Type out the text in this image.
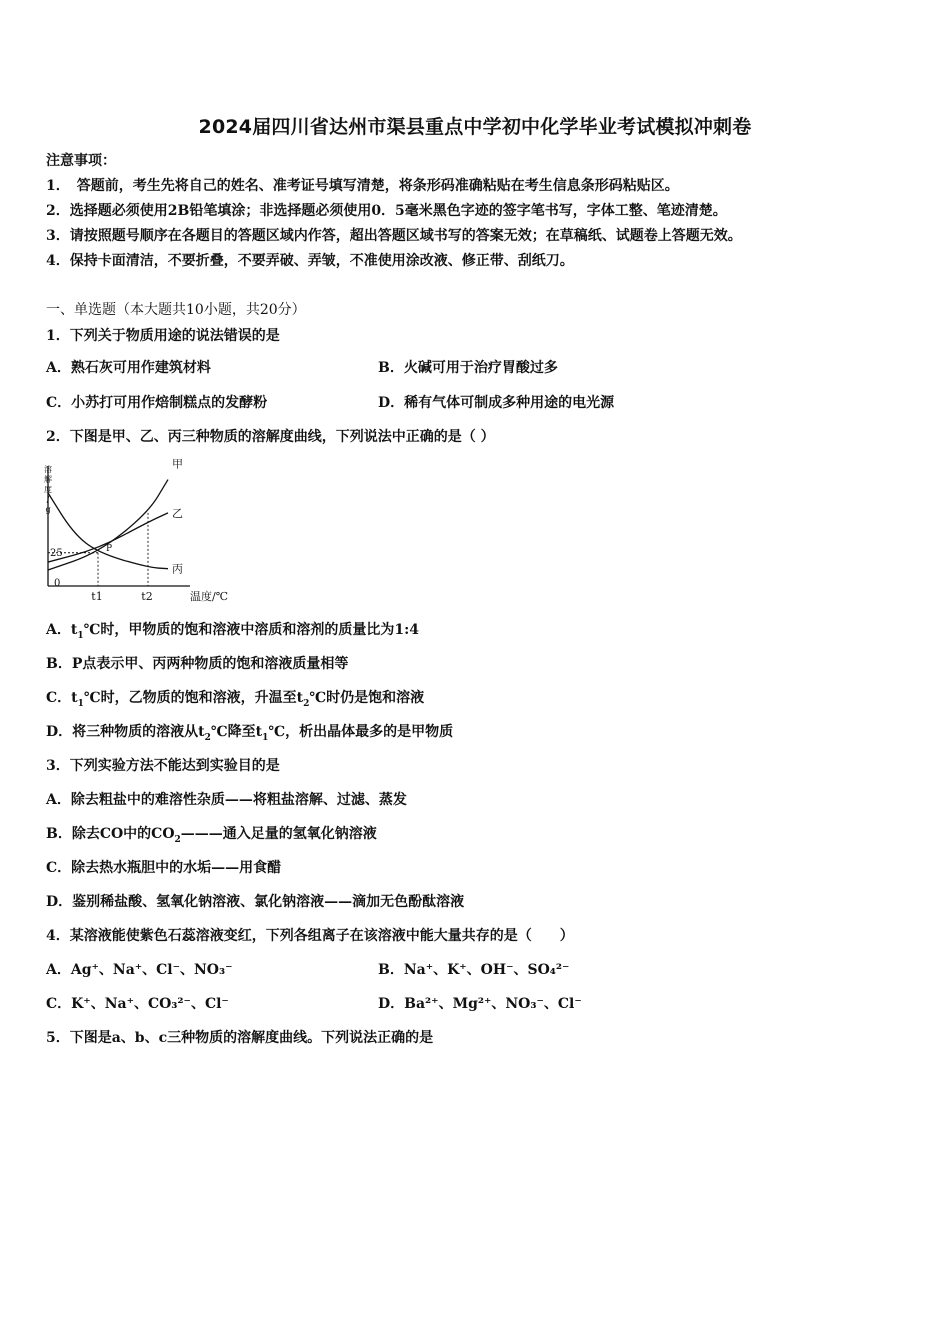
2024届四川省达州市渠县重点中学初中化学毕业考试模拟冲刺卷
注意事项：
1．　答题前，考生先将自己的姓名、准考证号填写清楚，将条形码准确粘贴在考生信息条形码粘贴区。
2．选择题必须使用2B铅笔填涂；非选择题必须使用0．5毫米黑色字迹的签字笔书写，字体工整、笔迹清楚。
3．请按照题号顺序在各题目的答题区域内作答，超出答题区域书写的答案无效；在草稿纸、试题卷上答题无效。
4．保持卡面清洁，不要折叠，不要弄破、弄皱，不准使用涂改液、修正带、刮纸刀。
一、单选题（本大题共10小题，共20分）
1．下列关于物质用途的说法错误的是
A．熟石灰可用作建筑材料	B．火碱可用于治疗胃酸过多
C．小苏打可用作焙制糕点的发酵粉	D．稀有气体可制成多种用途的电光源
2．下图是甲、乙、丙三种物质的溶解度曲线，下列说法中正确的是（ ）
溶解度/ g
25
0
t1	t2	温度/℃
甲
乙
丙
P
A．$t_1℃$时，甲物质的饱和溶液中溶质和溶剂的质量比为1:4
B．P点表示甲、丙两种物质的饱和溶液质量相等
C．$t_1℃$时，乙物质的饱和溶液，升温至$t_2℃$时仍是饱和溶液
D．将三种物质的溶液从$t_2℃$降至$t_1℃$，析出晶体最多的是甲物质
3．下列实验方法不能达到实验目的是
A．除去粗盐中的难溶性杂质——将粗盐溶解、过滤、蒸发
B．除去CO中的$CO_2———$通入足量的氢氧化钠溶液
C．除去热水瓶胆中的水垢——用食醋
D．鉴别稀盐酸、氢氧化钠溶液、氯化钠溶液——滴加无色酚酞溶液
4．某溶液能使紫色石蕊溶液变红，下列各组离子在该溶液中能大量共存的是（　　）
A．Ag⁺、Na⁺、Cl⁻、NO₃⁻	B．Na⁺、K⁺、OH⁻、SO₄²⁻
C．K⁺、Na⁺、CO₃²⁻、Cl⁻	D．Ba²⁺、Mg²⁺、NO₃⁻、Cl⁻
5．下图是a、b、c三种物质的溶解度曲线。下列说法正确的是
